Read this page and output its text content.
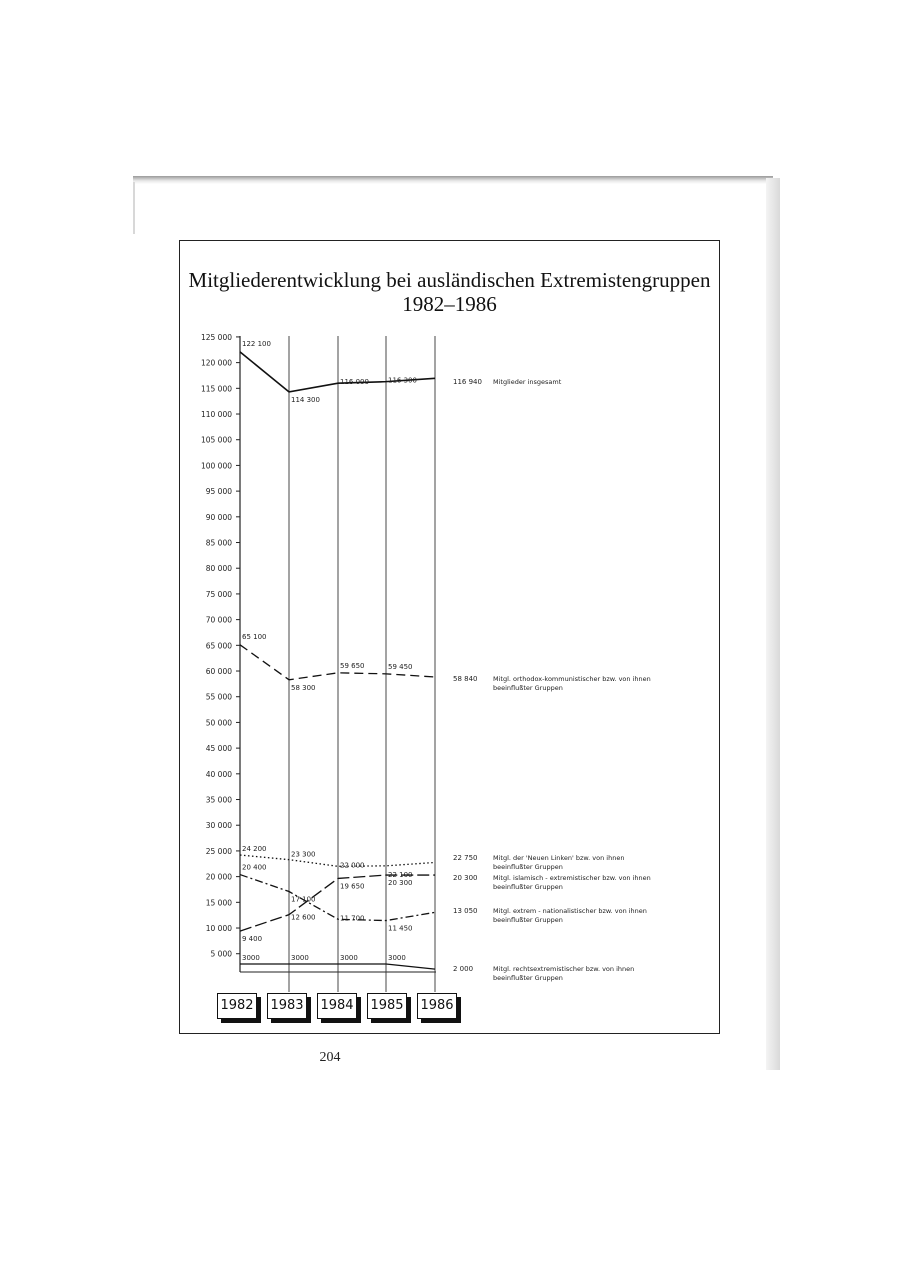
Mitgliederentwicklung bei ausländischen Extremistengruppen
1982–1986
125 000
120 000
115 000
110 000
105 000
100 000
95 000
90 000
85 000
80 000
75 000
70 000
65 000
60 000
55 000
50 000
45 000
40 000
35 000
30 000
25 000
20 000
15 000
10 000
5 000
122 100
114 300
116 000	116 300	116 940 Mitglieder insgesamt
65 100
58 300
59 650	59 450
58 840 Mitgl. orthodox-kommunistischer bzw. von ihnen
beeinflußter Gruppen
24 200
23 300
22 000
22 100
22 750 Mitgl. der 'Neuen Linken' bzw. von ihnen
beeinflußter Gruppen
9 400
12 600
19 650	20 300
20 300 Mitgl. islamisch - extremistischer bzw. von ihnen
beeinflußter Gruppen
20 400
17 100
11 700
11 450
13 050 Mitgl. extrem - nationalistischer bzw. von ihnen
beeinflußter Gruppen
3000	3000	3000	3000
2 000	Mitgl. rechtsextremistischer bzw. von ihnen
beeinflußter Gruppen
1982 1983 1984 1985 1986
204
